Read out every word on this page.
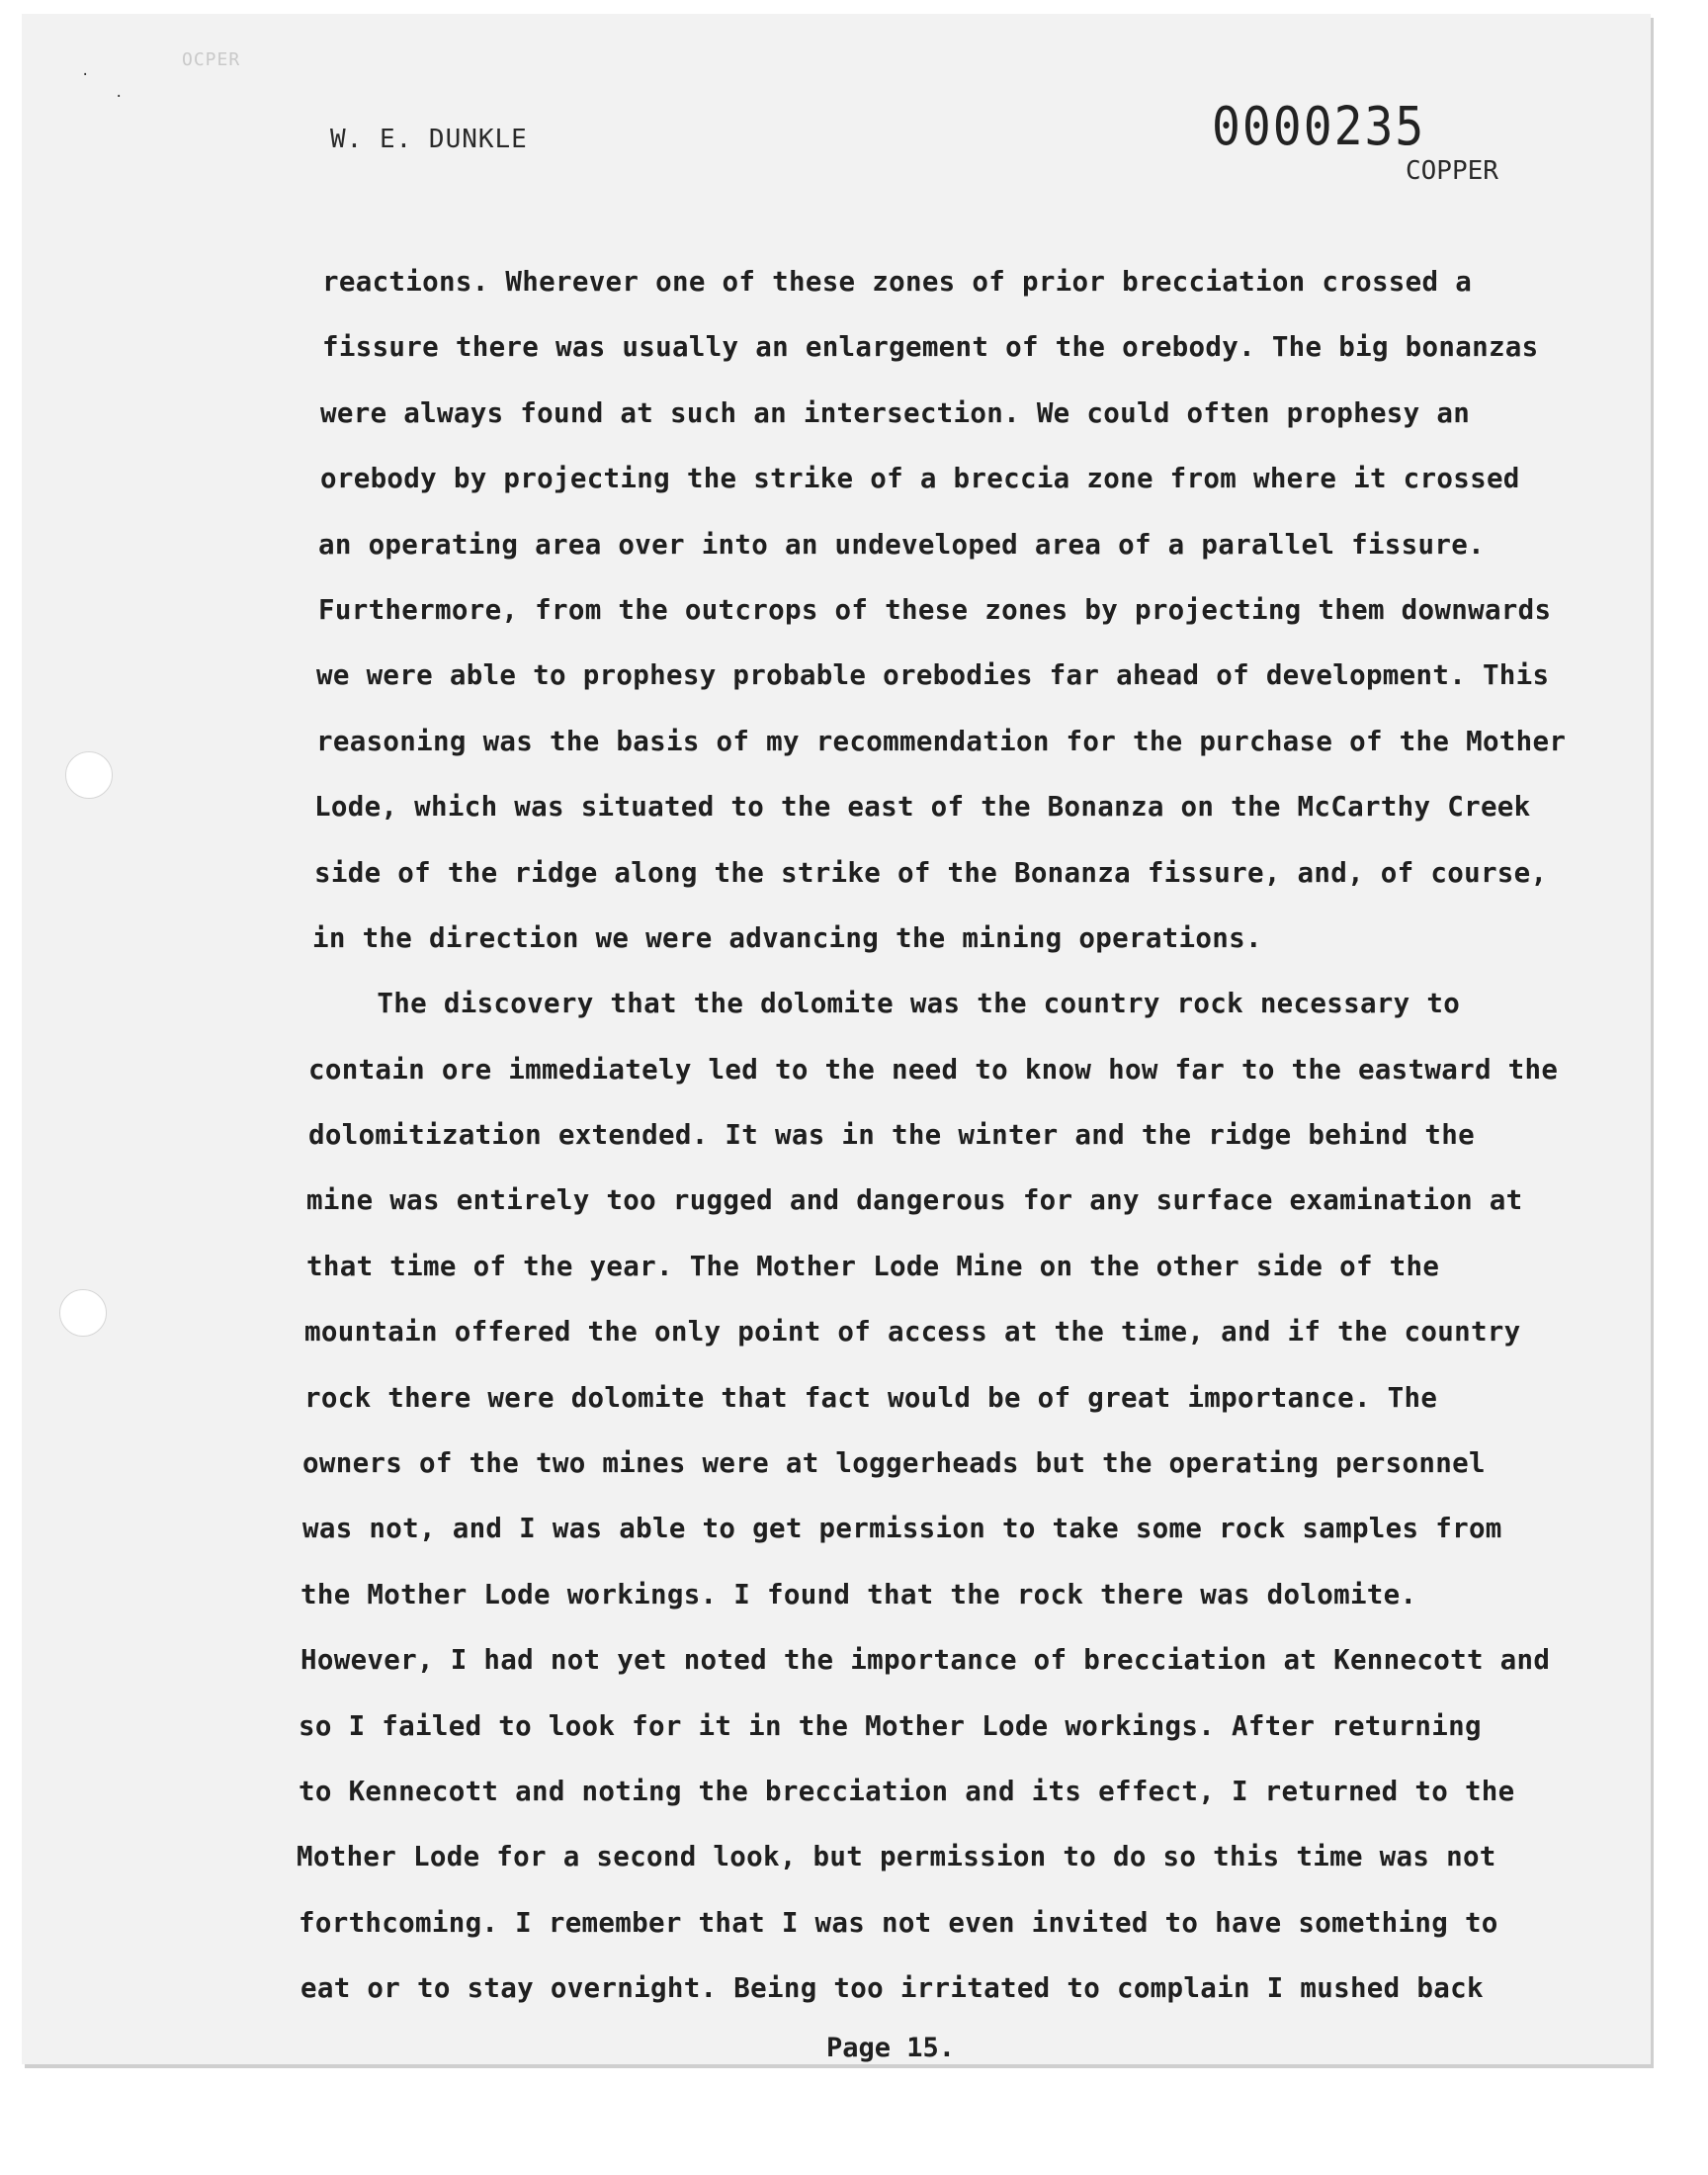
·
·
OCPER
W. E. DUNKLE	0000235
COPPER
reactions. Wherever one of these zones of prior brecciation crossed a
fissure there was usually an enlargement of the orebody. The big bonanzas
were always found at such an intersection. We could often prophesy an
orebody by projecting the strike of a breccia zone from where it crossed
an operating area over into an undeveloped area of a parallel fissure.
Furthermore, from the outcrops of these zones by projecting them downwards
we were able to prophesy probable orebodies far ahead of development. This
reasoning was the basis of my recommendation for the purchase of the Mother
Lode, which was situated to the east of the Bonanza on the McCarthy Creek
side of the ridge along the strike of the Bonanza fissure, and, of course,
in the direction we were advancing the mining operations.
The discovery that the dolomite was the country rock necessary to
contain ore immediately led to the need to know how far to the eastward the
dolomitization extended. It was in the winter and the ridge behind the
mine was entirely too rugged and dangerous for any surface examination at
that time of the year. The Mother Lode Mine on the other side of the
mountain offered the only point of access at the time, and if the country
rock there were dolomite that fact would be of great importance. The
owners of the two mines were at loggerheads but the operating personnel
was not, and I was able to get permission to take some rock samples from
the Mother Lode workings. I found that the rock there was dolomite.
However, I had not yet noted the importance of brecciation at Kennecott and
so I failed to look for it in the Mother Lode workings. After returning
to Kennecott and noting the brecciation and its effect, I returned to the
Mother Lode for a second look, but permission to do so this time was not
forthcoming. I remember that I was not even invited to have something to
eat or to stay overnight. Being too irritated to complain I mushed back
Page 15.
